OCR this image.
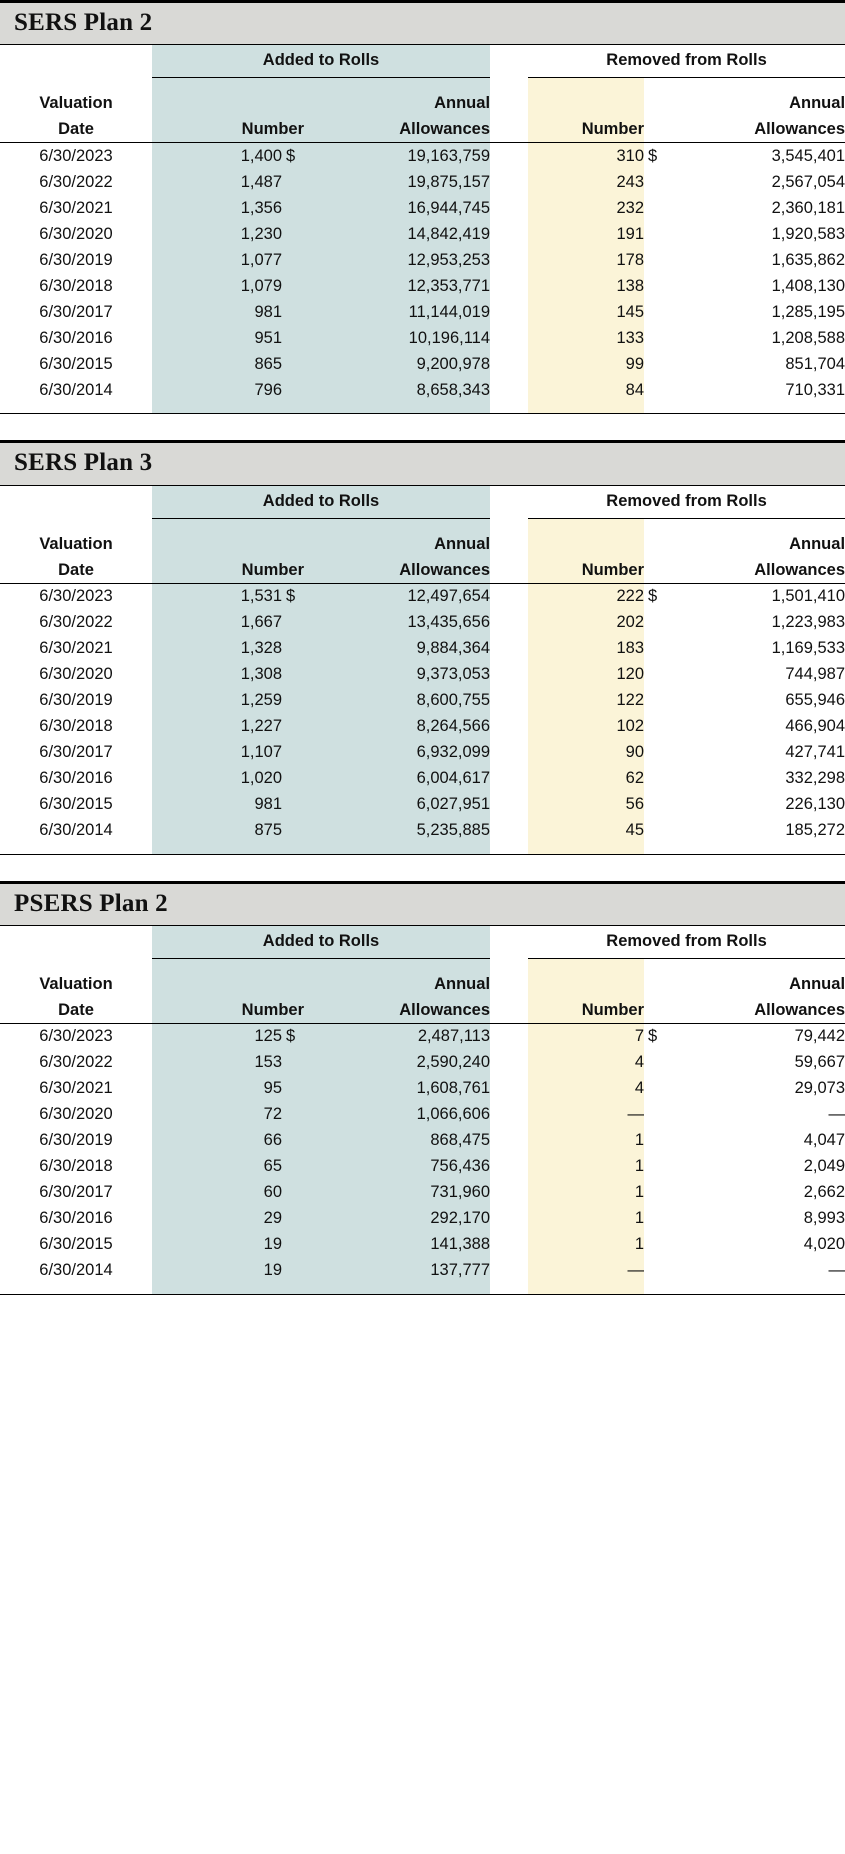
SERS Plan 2
	Added to Rolls				Removed from Rolls		

Valuation			Annual				Annual
Date	Number		Allowances		Number		Allowances
6/30/2023	1,400	$	19,163,759		310	$	3,545,401
6/30/2022	1,487		19,875,157		243		2,567,054
6/30/2021	1,356		16,944,745		232		2,360,181
6/30/2020	1,230		14,842,419		191		1,920,583
6/30/2019	1,077		12,953,253		178		1,635,862
6/30/2018	1,079		12,353,771		138		1,408,130
6/30/2017	981		11,144,019		145		1,285,195
6/30/2016	951		10,196,114		133		1,208,588
6/30/2015	865		9,200,978		99		851,704
6/30/2014	796		8,658,343		84		710,331

SERS Plan 3
	Added to Rolls				Removed from Rolls		

Valuation			Annual				Annual
Date	Number		Allowances		Number		Allowances
6/30/2023	1,531	$	12,497,654		222	$	1,501,410
6/30/2022	1,667		13,435,656		202		1,223,983
6/30/2021	1,328		9,884,364		183		1,169,533
6/30/2020	1,308		9,373,053		120		744,987
6/30/2019	1,259		8,600,755		122		655,946
6/30/2018	1,227		8,264,566		102		466,904
6/30/2017	1,107		6,932,099		90		427,741
6/30/2016	1,020		6,004,617		62		332,298
6/30/2015	981		6,027,951		56		226,130
6/30/2014	875		5,235,885		45		185,272

PSERS Plan 2
	Added to Rolls				Removed from Rolls		

Valuation			Annual				Annual
Date	Number		Allowances		Number		Allowances
6/30/2023	125	$	2,487,113		7	$	79,442
6/30/2022	153		2,590,240		4		59,667
6/30/2021	95		1,608,761		4		29,073
6/30/2020	72		1,066,606		—		—
6/30/2019	66		868,475		1		4,047
6/30/2018	65		756,436		1		2,049
6/30/2017	60		731,960		1		2,662
6/30/2016	29		292,170		1		8,993
6/30/2015	19		141,388		1		4,020
6/30/2014	19		137,777		—		—
